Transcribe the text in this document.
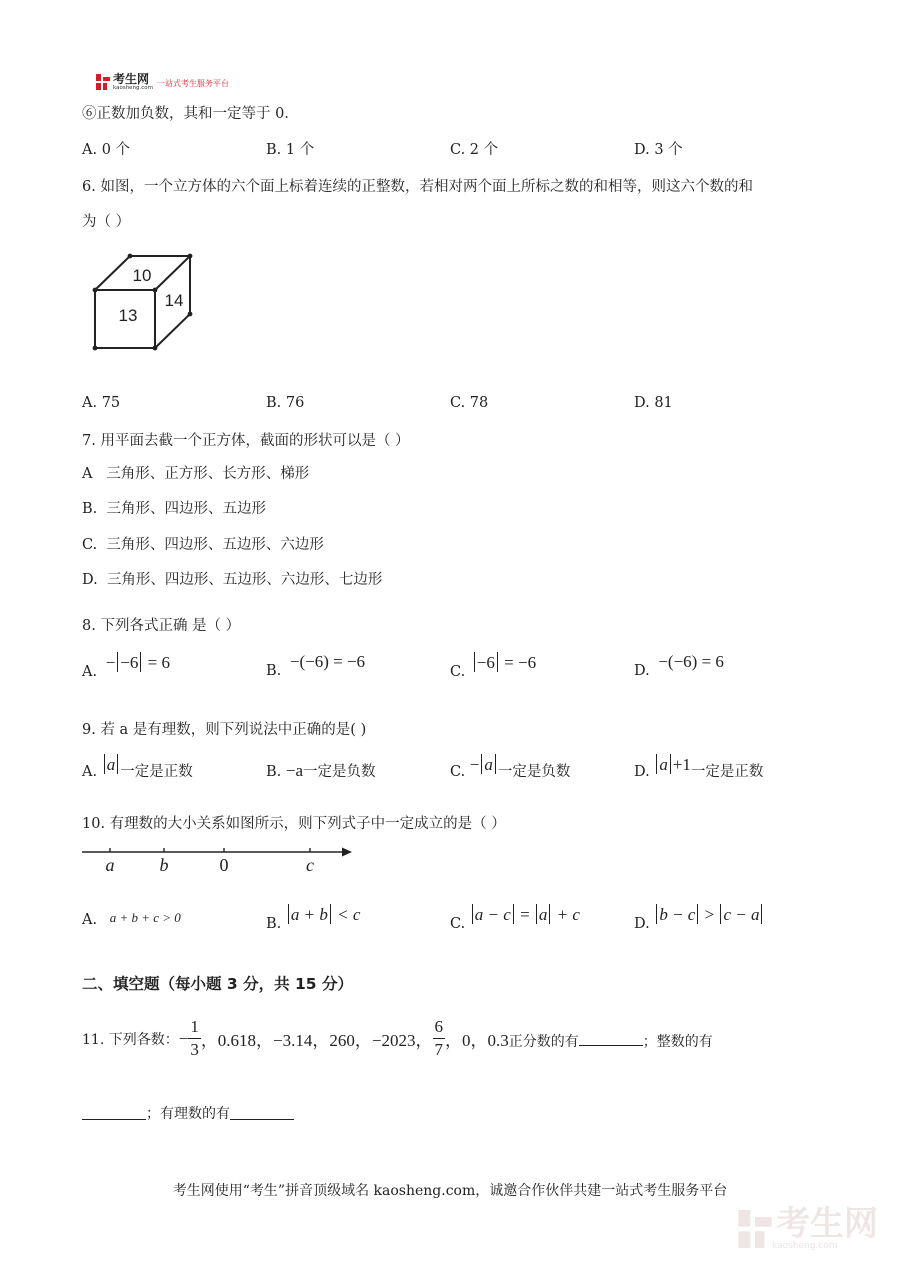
考生网
kaosheng.com 一站式考生服务平台
⑥正数加负数，其和一定等于 0．
A. 0 个	B. 1 个	C. 2 个	D. 3 个
6. 如图，一个立方体的六个面上标着连续的正整数，若相对两个面上所标之数的和相等，则这六个数的和
为（ ）
10
13
14
A. 75	B. 76	C. 78	D. 81
7. 用平面去截一个正方体，截面的形状可以是（ ）
A 三角形、正方形、长方形、梯形
B. 三角形、四边形、五边形
C. 三角形、四边形、五边形、六边形
D. 三角形、四边形、五边形、六边形、七边形
8. 下列各式正确 是（ ）
A. − −6 = 6	B. −(−6) = −6
C. −6 = −6	D. −(−6) = 6
9. 若 a 是有理数，则下列说法中正确的是( )
A. a 一定是正数	B. −a一定是负数	C. − a 一定是负数	D. a +1一定是正数
10. 有理数的大小关系如图所示，则下列式子中一定成立的是（ ）
a	b	0	c
A. a + b + c > 0	B. a + b < c	C. a − c = a + c	D. b − c > c − a
二、填空题（每小题 3 分，共 15 分）
11. 下列各数： − $\frac{1}{3}$ ，0.618，−3.14，260，−2023， $\frac{6}{7}$ ，0，0.3 正分数的有	；整数的有
；有理数的有
考生网使用“考生”拼音顶级域名 kaosheng.com，诚邀合作伙伴共建一站式考生服务平台
考生网
kaosheng.com
